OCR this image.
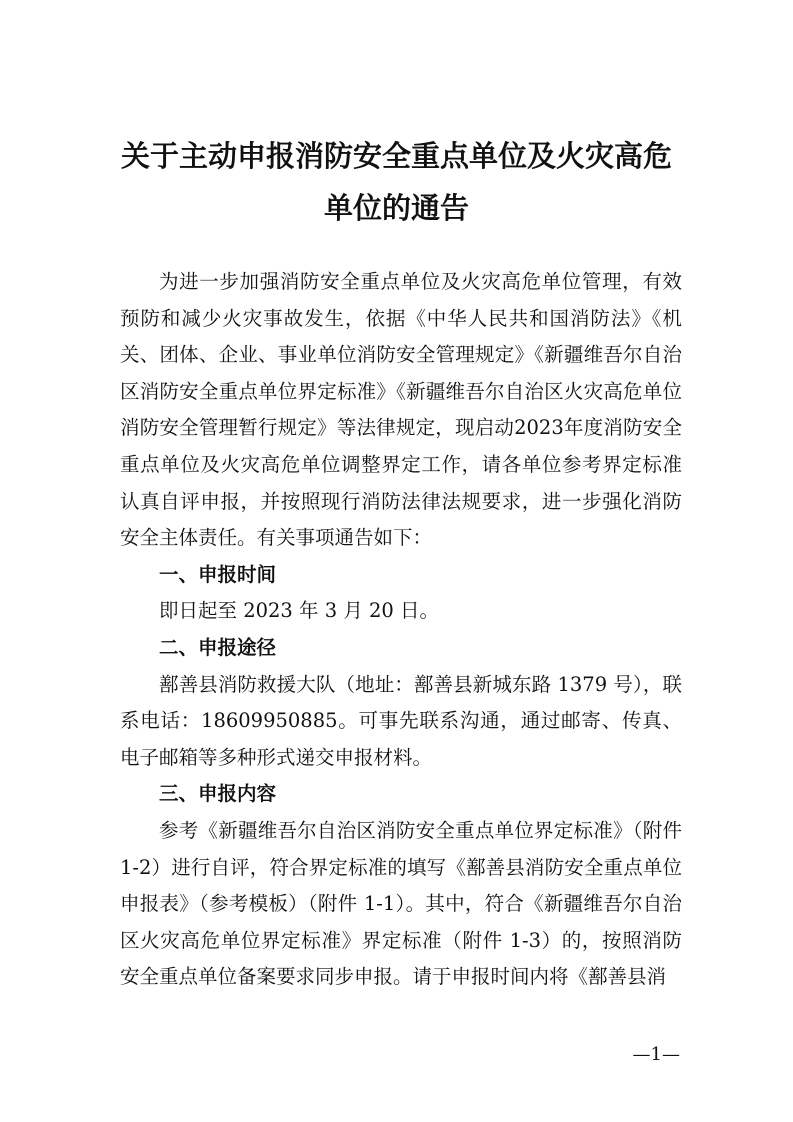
关于主动申报消防安全重点单位及火灾高危
单位的通告

为进一步加强消防安全重点单位及火灾高危单位管理，有效预防和减少火灾事故发生，依据《中华人民共和国消防法》《机关、团体、企业、事业单位消防安全管理规定》《新疆维吾尔自治区消防安全重点单位界定标准》《新疆维吾尔自治区火灾高危单位消防安全管理暂行规定》等法律规定，现启动2023年度消防安全重点单位及火灾高危单位调整界定工作，请各单位参考界定标准认真自评申报，并按照现行消防法律法规要求，进一步强化消防安全主体责任。有关事项通告如下：

一、申报时间

即日起至 2023 年 3 月 20 日。

二、申报途径

鄯善县消防救援大队（地址：鄯善县新城东路 1379 号），联系电话：18609950885。可事先联系沟通，通过邮寄、传真、电子邮箱等多种形式递交申报材料。

三、申报内容

参考《新疆维吾尔自治区消防安全重点单位界定标准》（附件1-2）进行自评，符合界定标准的填写《鄯善县消防安全重点单位申报表》（参考模板）（附件 1-1）。其中，符合《新疆维吾尔自治区火灾高危单位界定标准》界定标准（附件 1-3）的，按照消防安全重点单位备案要求同步申报。请于申报时间内将《鄯善县消

—1—
